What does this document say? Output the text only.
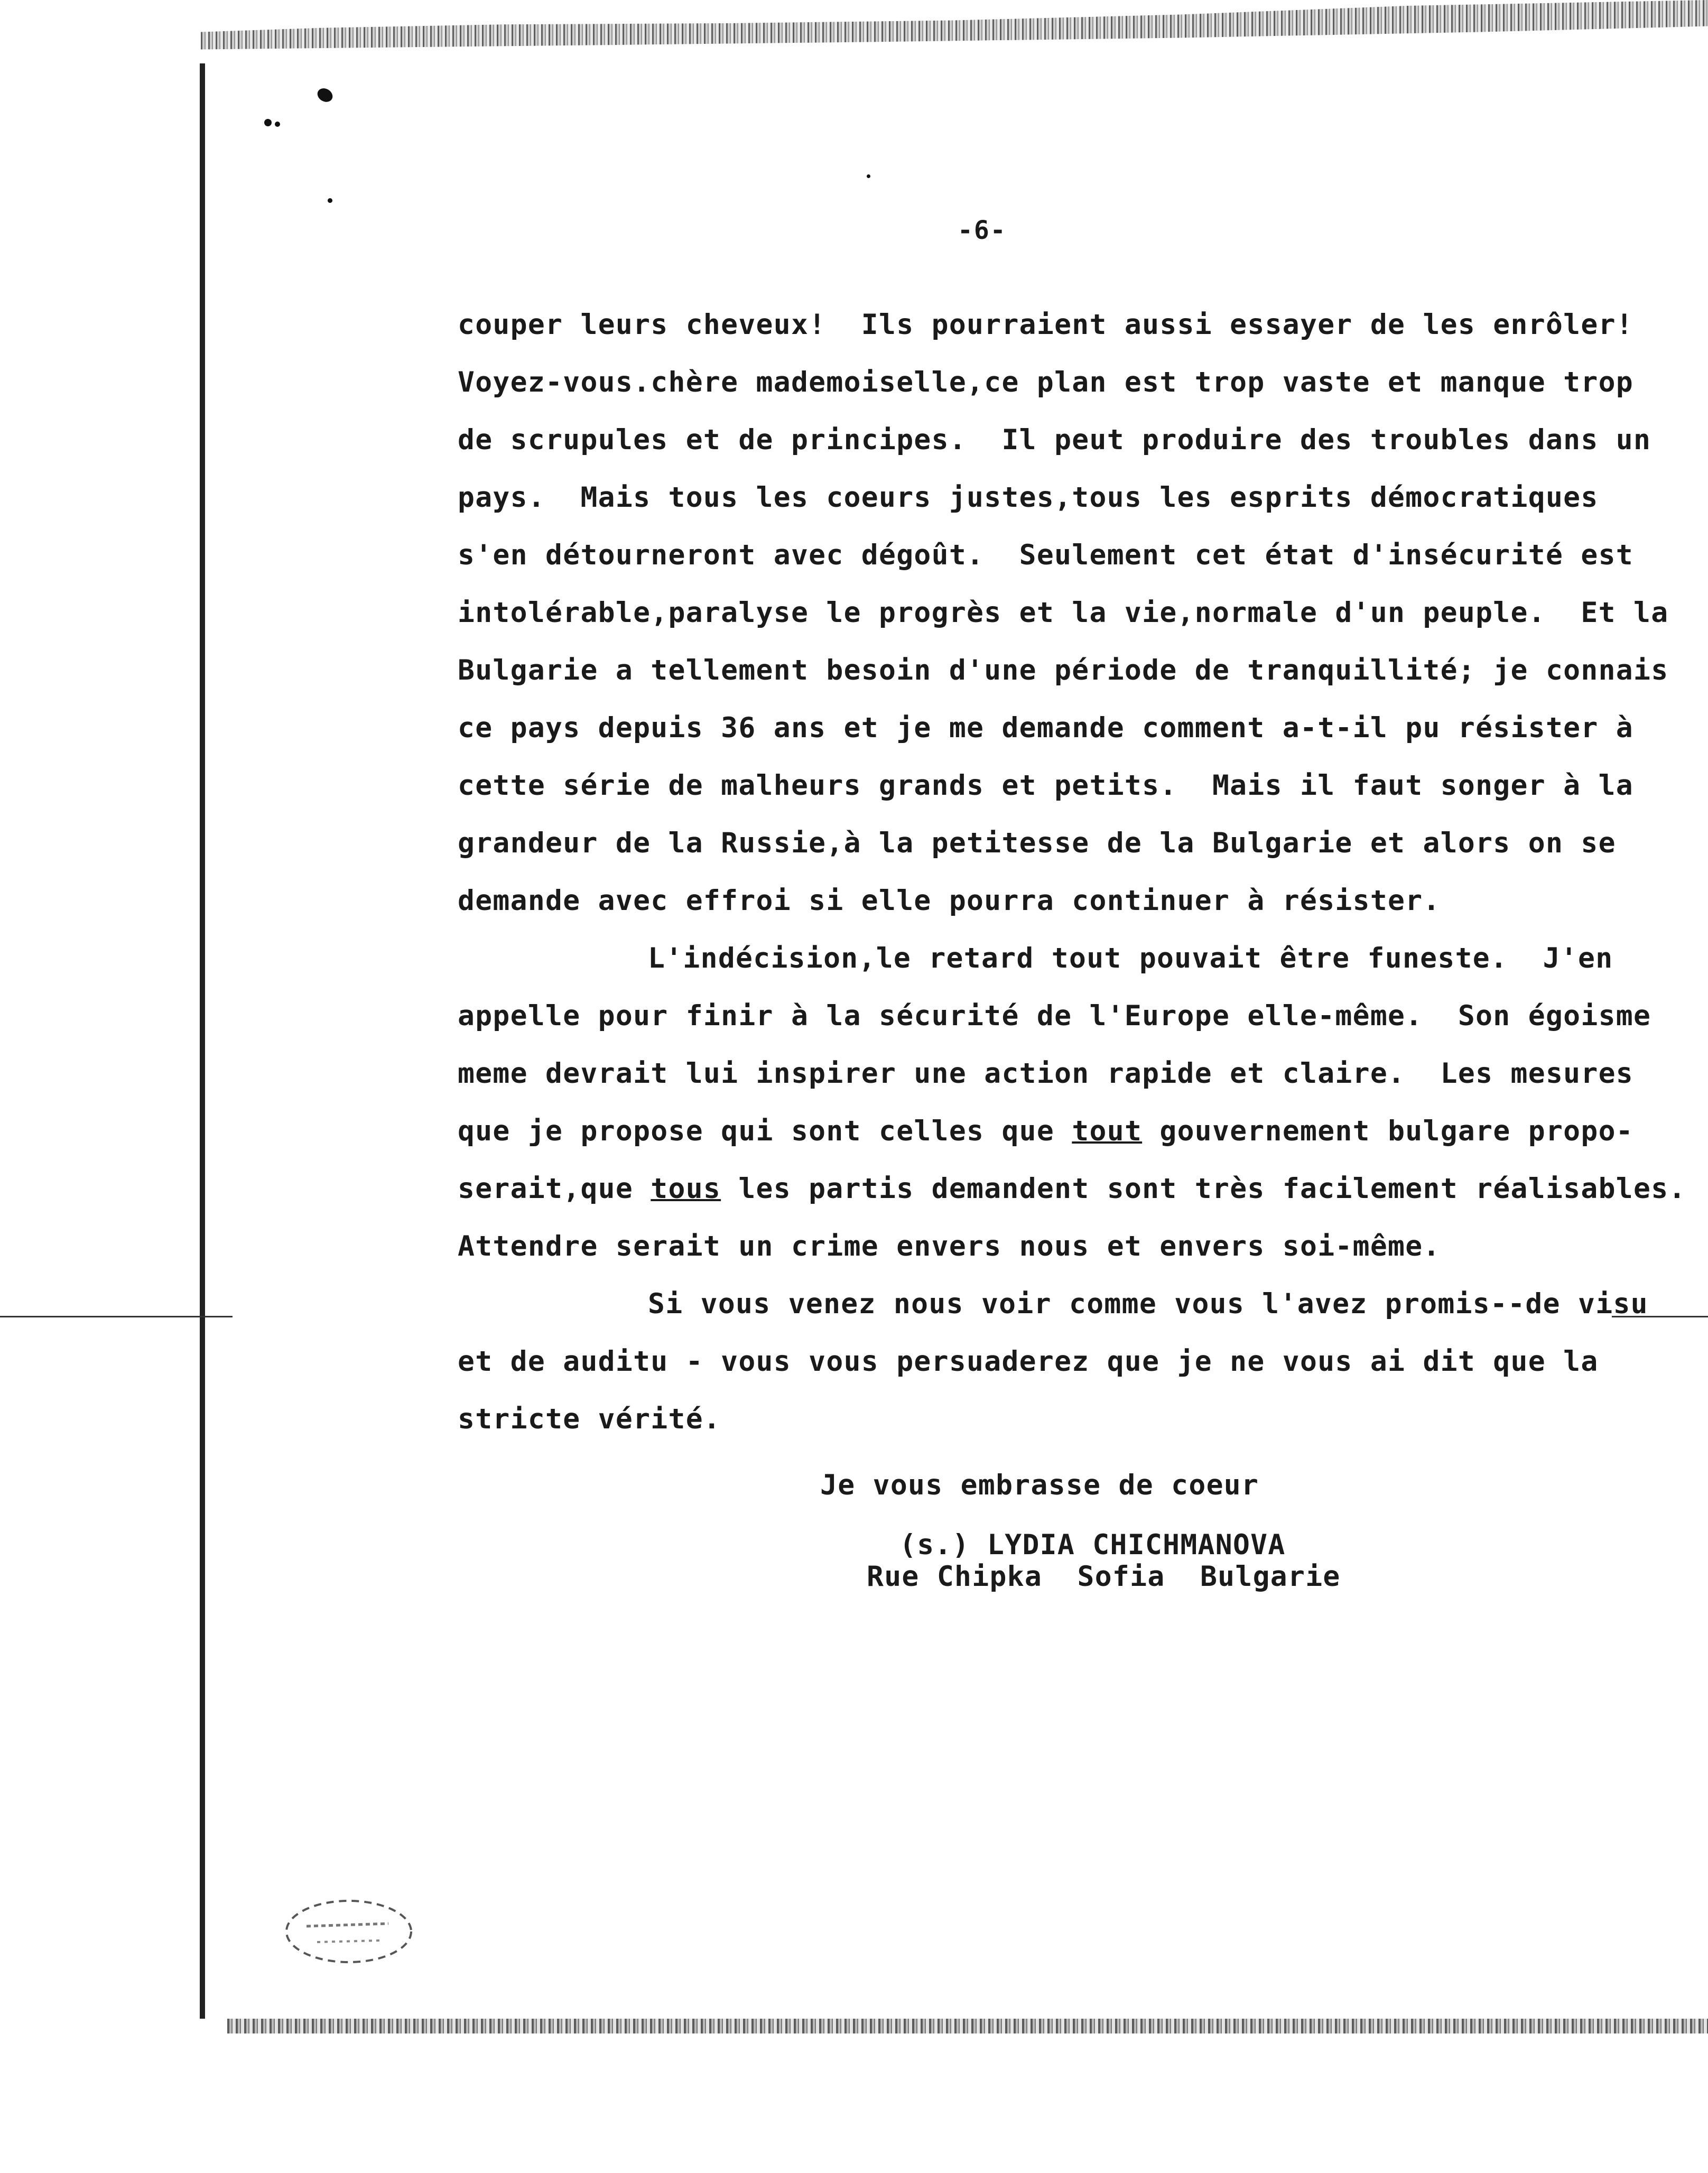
-6-
couper leurs cheveux!  Ils pourraient aussi essayer de les enrôler!
Voyez-vous.chère mademoiselle,ce plan est trop vaste et manque trop
de scrupules et de principes.  Il peut produire des troubles dans un
pays.  Mais tous les coeurs justes,tous les esprits démocratiques
s'en détourneront avec dégoût.  Seulement cet état d'insécurité est
intolérable,paralyse le progrès et la vie,normale d'un peuple.  Et la
Bulgarie a tellement besoin d'une période de tranquillité; je connais
ce pays depuis 36 ans et je me demande comment a-t-il pu résister à
cette série de malheurs grands et petits.  Mais il faut songer à la
grandeur de la Russie,à la petitesse de la Bulgarie et alors on se
demande avec effroi si elle pourra continuer à résister.
L'indécision,le retard tout pouvait être funeste.  J'en
appelle pour finir à la sécurité de l'Europe elle-même.  Son égoisme
meme devrait lui inspirer une action rapide et claire.  Les mesures
que je propose qui sont celles que tout gouvernement bulgare propo-
serait,que tous les partis demandent sont très facilement réalisables.
Attendre serait un crime envers nous et envers soi-même.
Si vous venez nous voir comme vous l'avez promis--de visu
et de auditu - vous vous persuaderez que je ne vous ai dit que la
stricte vérité.
Je vous embrasse de coeur
(s.) LYDIA CHICHMANOVA
Rue Chipka  Sofia  Bulgarie
